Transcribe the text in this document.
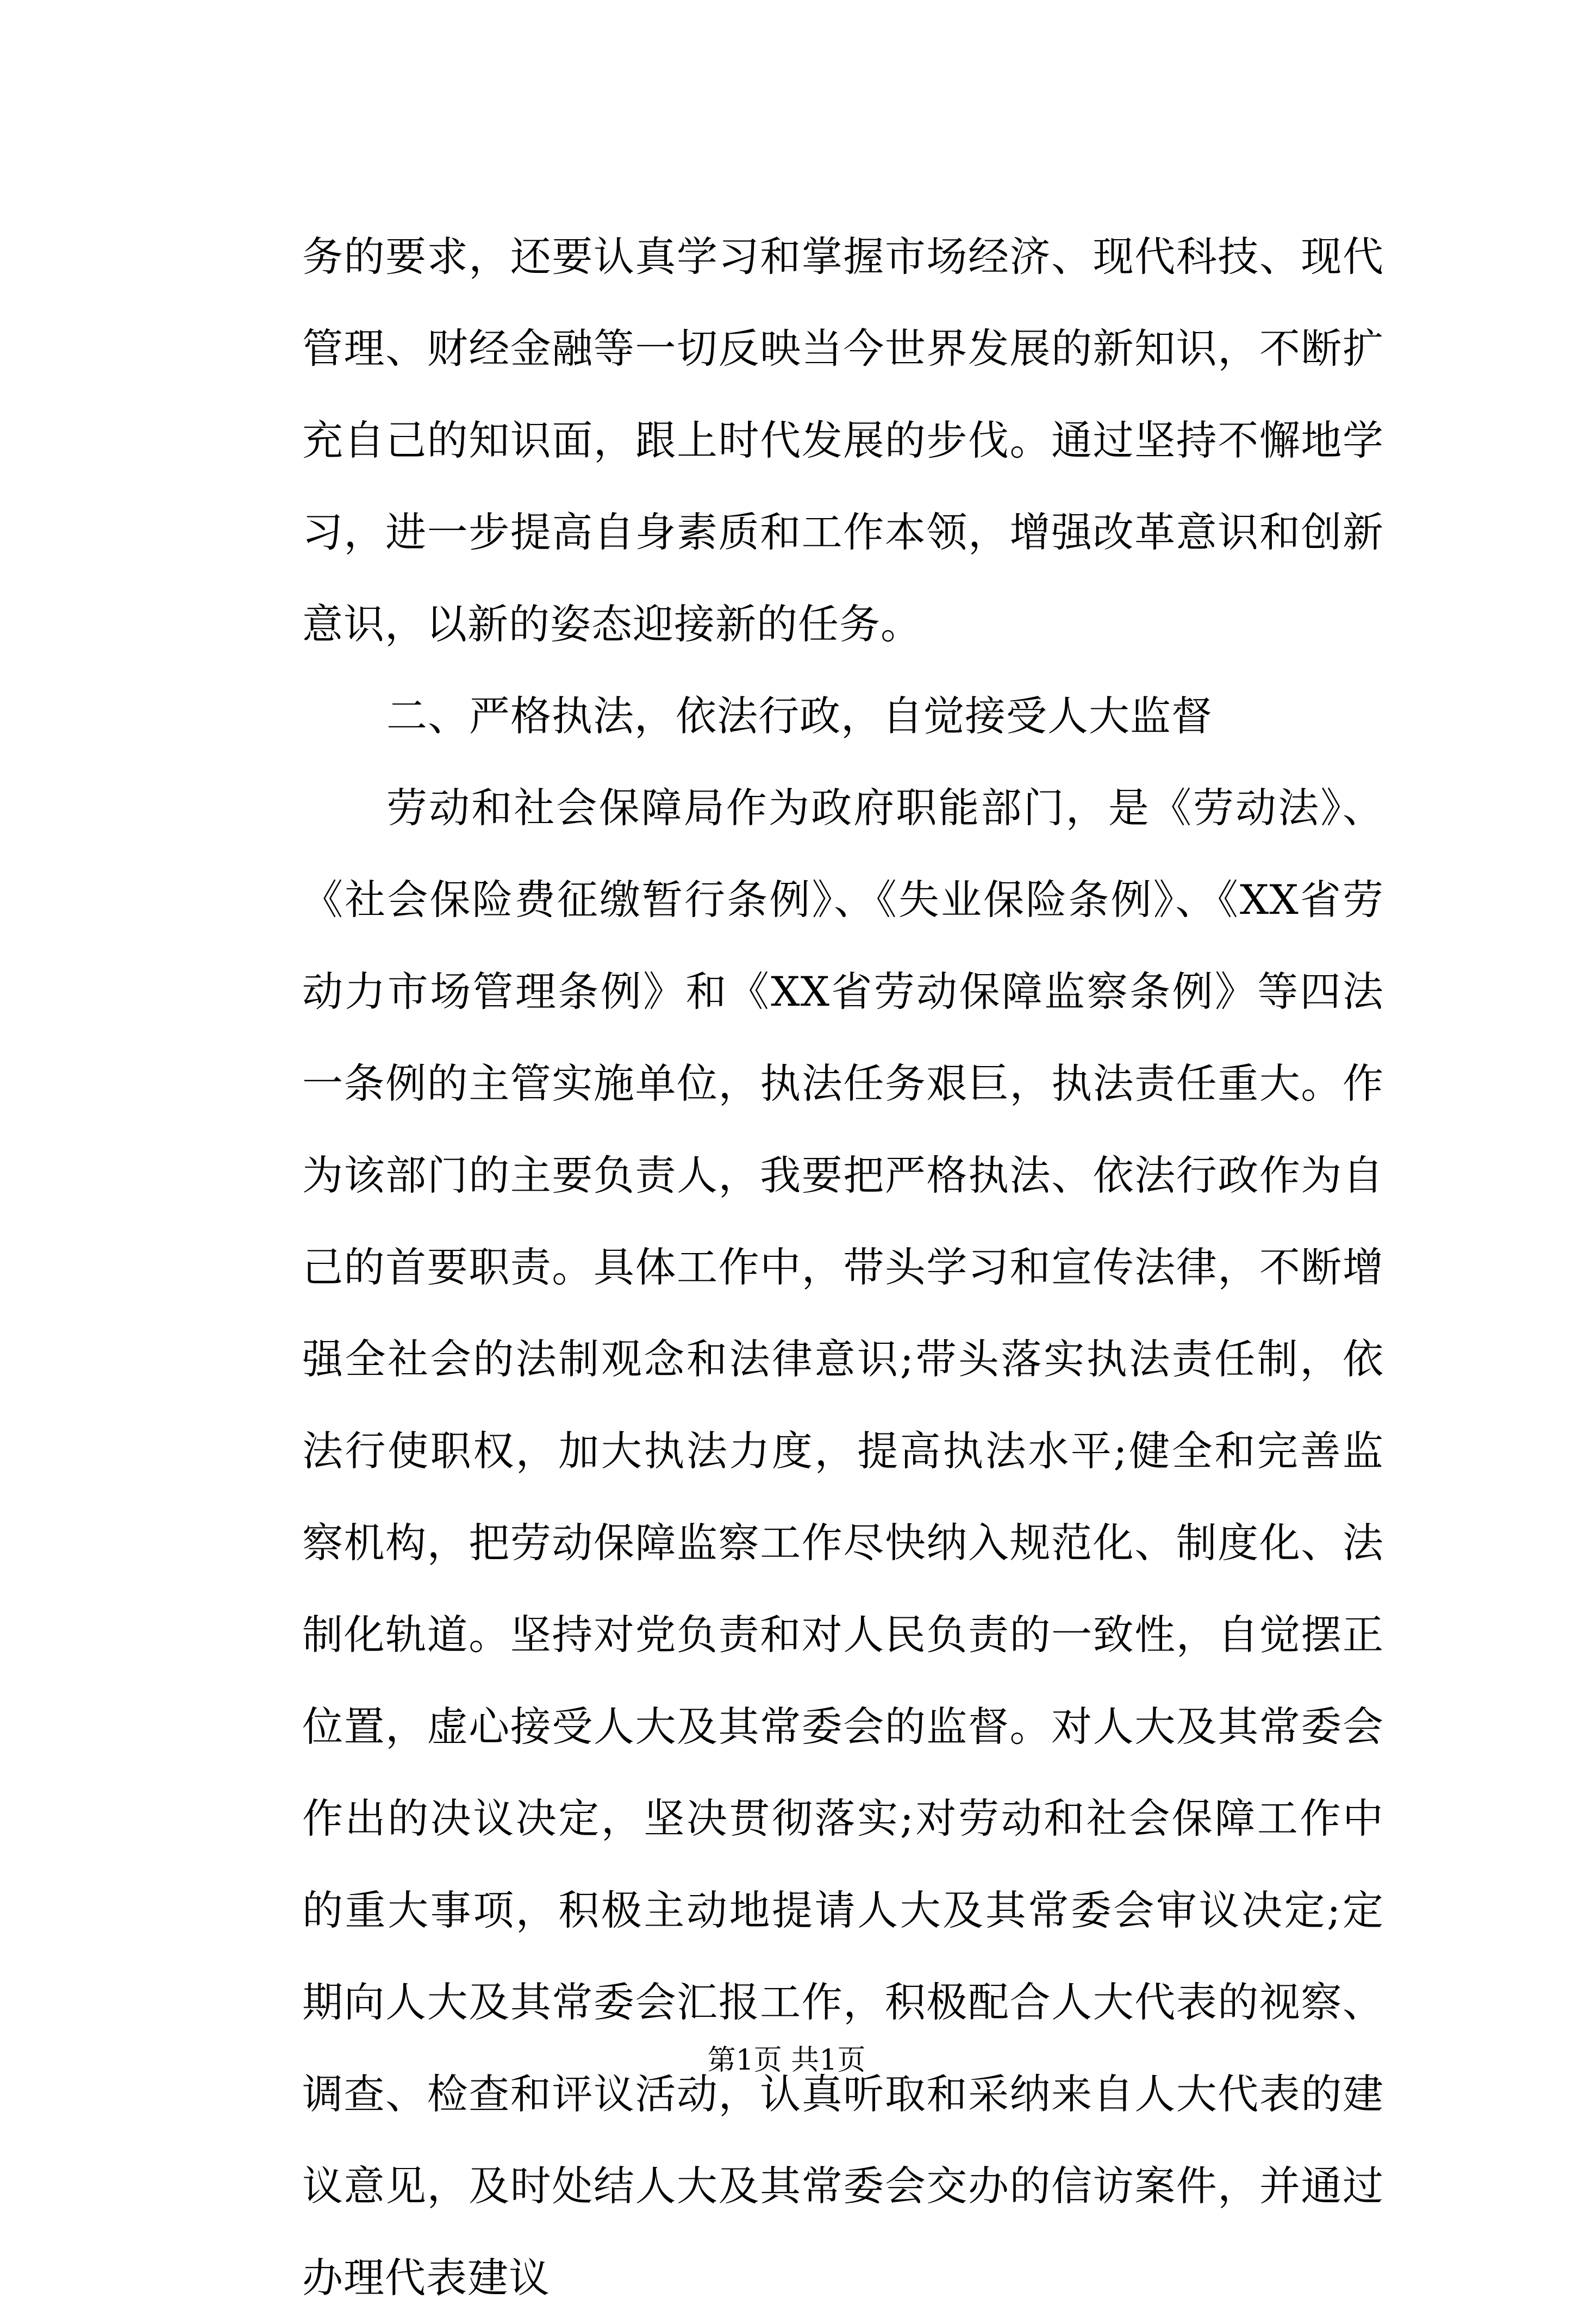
务的要求，还要认真学习和掌握市场经济、现代科技、现代管理、财经金融等一切反映当今世界发展的新知识，不断扩充自己的知识面，跟上时代发展的步伐。通过坚持不懈地学习，进一步提高自身素质和工作本领，增强改革意识和创新意识，以新的姿态迎接新的任务。

二、严格执法，依法行政，自觉接受人大监督

劳动和社会保障局作为政府职能部门，是《劳动法》、《社会保险费征缴暂行条例》、《失业保险条例》、《XX省劳动力市场管理条例》和《XX省劳动保障监察条例》等四法一条例的主管实施单位，执法任务艰巨，执法责任重大。作为该部门的主要负责人，我要把严格执法、依法行政作为自己的首要职责。具体工作中，带头学习和宣传法律，不断增强全社会的法制观念和法律意识;带头落实执法责任制，依法行使职权，加大执法力度，提高执法水平;健全和完善监察机构，把劳动保障监察工作尽快纳入规范化、制度化、法制化轨道。坚持对党负责和对人民负责的一致性，自觉摆正位置，虚心接受人大及其常委会的监督。对人大及其常委会作出的决议决定，坚决贯彻落实;对劳动和社会保障工作中的重大事项，积极主动地提请人大及其常委会审议决定;定期向人大及其常委会汇报工作，积极配合人大代表的视察、调查、检查和评议活动，认真听取和采纳来自人大代表的建议意见，及时处结人大及其常委会交办的信访案件，并通过办理代表建议

第1页 共1页
